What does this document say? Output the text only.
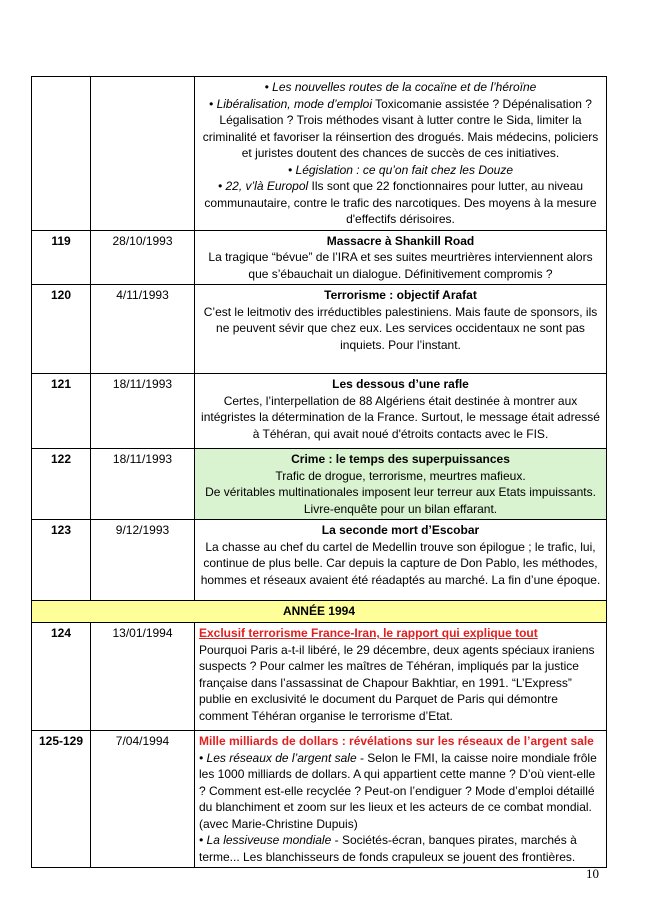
		• Les nouvelles routes de la cocaïne et de l’héroïne
• Libéralisation, mode d’emploi Toxicomanie assistée ? Dépénalisation ? Légalisation ? Trois méthodes visant à lutter contre le Sida, limiter la criminalité et favoriser la réinsertion des drogués. Mais médecins, policiers et juristes doutent des chances de succès de ces initiatives.
• Législation : ce qu’on fait chez les Douze
• 22, v’là Europol Ils sont que 22 fonctionnaires pour lutter, au niveau communautaire, contre le trafic des narcotiques. Des moyens à la mesure d'effectifs dérisoires.

119	28/10/1993	Massacre à Shankill Road
La tragique “bévue” de l’IRA et ses suites meurtrières interviennent alors que s’ébauchait un dialogue. Définitivement compromis ?

120	4/11/1993	Terrorisme : objectif Arafat
C’est le leitmotiv des irréductibles palestiniens. Mais faute de sponsors, ils ne peuvent sévir que chez eux. Les services occidentaux ne sont pas inquiets. Pour l’instant.

121	18/11/1993	Les dessous d’une rafle
Certes, l’interpellation de 88 Algériens était destinée à montrer aux intégristes la détermination de la France. Surtout, le message était adressé à Téhéran, qui avait noué d'étroits contacts avec le FIS.

122	18/11/1993	Crime : le temps des superpuissances
Trafic de drogue, terrorisme, meurtres mafieux.
De véritables multinationales imposent leur terreur aux Etats impuissants.
Livre-enquête pour un bilan effarant.

123	9/12/1993	La seconde mort d’Escobar
La chasse au chef du cartel de Medellin trouve son épilogue ; le trafic, lui, continue de plus belle. Car depuis la capture de Don Pablo, les méthodes, hommes et réseaux avaient été réadaptés au marché. La fin d’une époque.

ANNÉE 1994		
124	13/01/1994	Exclusif terrorisme France-Iran, le rapport qui explique tout
Pourquoi Paris a-t-il libéré, le 29 décembre, deux agents spéciaux iraniens suspects ? Pour calmer les maîtres de Téhéran, impliqués par la justice française dans l’assassinat de Chapour Bakhtiar, en 1991. “L’Express” publie en exclusivité le document du Parquet de Paris qui démontre comment Téhéran organise le terrorisme d’Etat.

125-129	7/04/1994	Mille milliards de dollars : révélations sur les réseaux de l’argent sale
• Les réseaux de l’argent sale - Selon le FMI, la caisse noire mondiale frôle les 1000 milliards de dollars. A qui appartient cette manne ? D’où vient-elle ? Comment est-elle recyclée ? Peut-on l’endiguer ? Mode d’emploi détaillé du blanchiment et zoom sur les lieux et les acteurs de ce combat mondial. (avec Marie-Christine Dupuis)
• La lessiveuse mondiale - Sociétés-écran, banques pirates, marchés à terme... Les blanchisseurs de fonds crapuleux se jouent des frontières.
10
